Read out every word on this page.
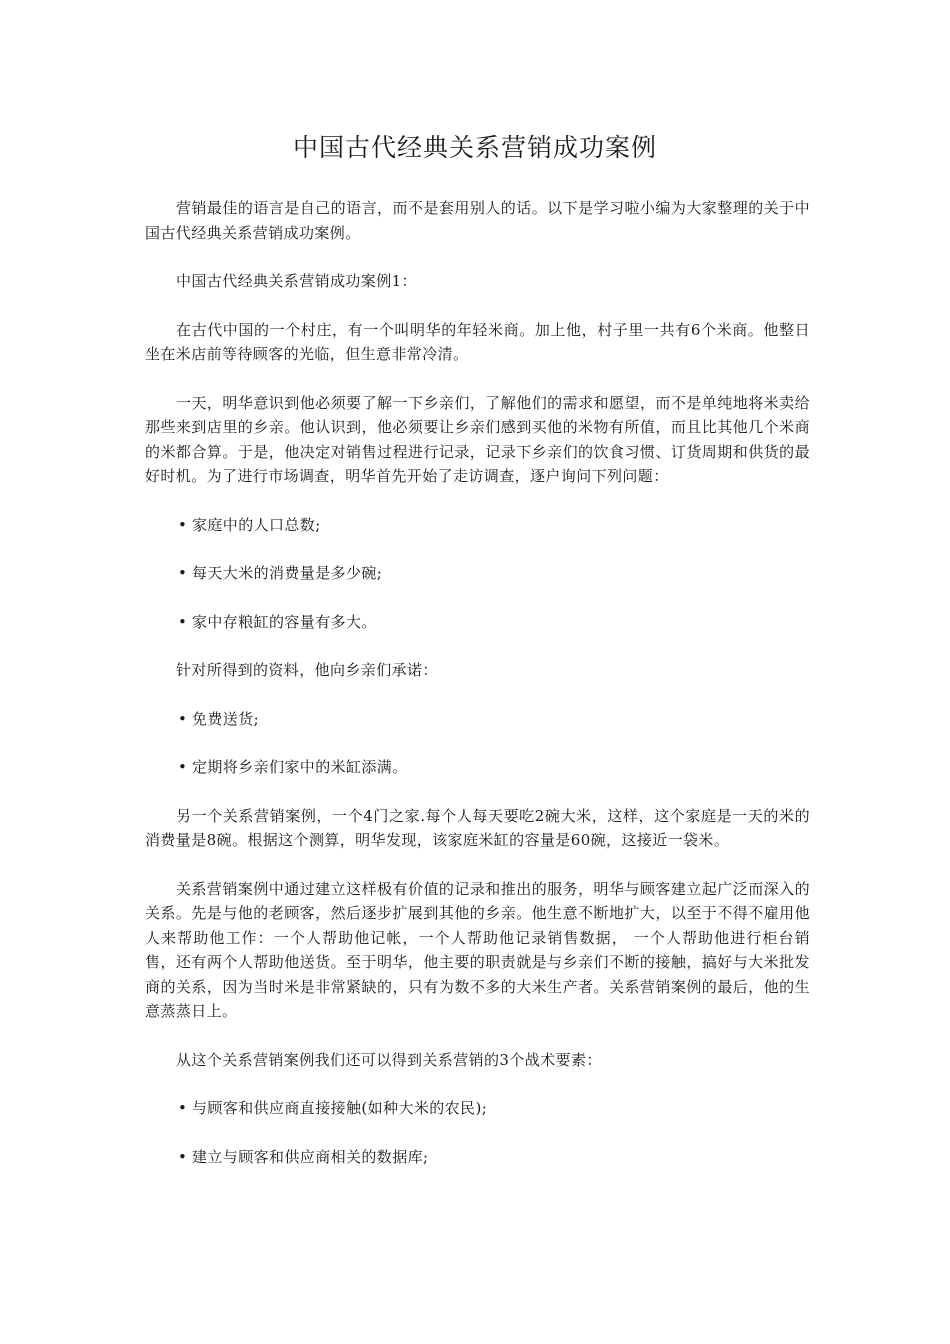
中国古代经典关系营销成功案例

营销最佳的语言是自己的语言，而不是套用别人的话。以下是学习啦小编为大家整理的关于中国古代经典关系营销成功案例。

中国古代经典关系营销成功案例1：

在古代中国的一个村庄，有一个叫明华的年轻米商。加上他，村子里一共有6个米商。他整日坐在米店前等待顾客的光临，但生意非常冷清。

一天，明华意识到他必须要了解一下乡亲们，了解他们的需求和愿望，而不是单纯地将米卖给那些来到店里的乡亲。他认识到，他必须要让乡亲们感到买他的米物有所值，而且比其他几个米商的米都合算。于是，他决定对销售过程进行记录，记录下乡亲们的饮食习惯、订货周期和供货的最好时机。为了进行市场调查，明华首先开始了走访调查，逐户询问下列问题：

• 家庭中的人口总数;
• 每天大米的消费量是多少碗;
• 家中存粮缸的容量有多大。

针对所得到的资料，他向乡亲们承诺：

• 免费送货;
• 定期将乡亲们家中的米缸添满。

另一个关系营销案例，一个4门之家.每个人每天要吃2碗大米，这样，这个家庭是一天的米的消费量是8碗。根据这个测算，明华发现，该家庭米缸的容量是60碗，这接近一袋米。

关系营销案例中通过建立这样极有价值的记录和推出的服务，明华与顾客建立起广泛而深入的关系。先是与他的老顾客，然后逐步扩展到其他的乡亲。他生意不断地扩大，以至于不得不雇用他人来帮助他工作：一个人帮助他记帐，一个人帮助他记录销售数据， 一个人帮助他进行柜台销售，还有两个人帮助他送货。至于明华，他主要的职责就是与乡亲们不断的接触，搞好与大米批发商的关系，因为当时米是非常紧缺的，只有为数不多的大米生产者。关系营销案例的最后，他的生意蒸蒸日上。

从这个关系营销案例我们还可以得到关系营销的3个战术要素：

• 与顾客和供应商直接接触(如种大米的农民);
• 建立与顾客和供应商相关的数据库;
